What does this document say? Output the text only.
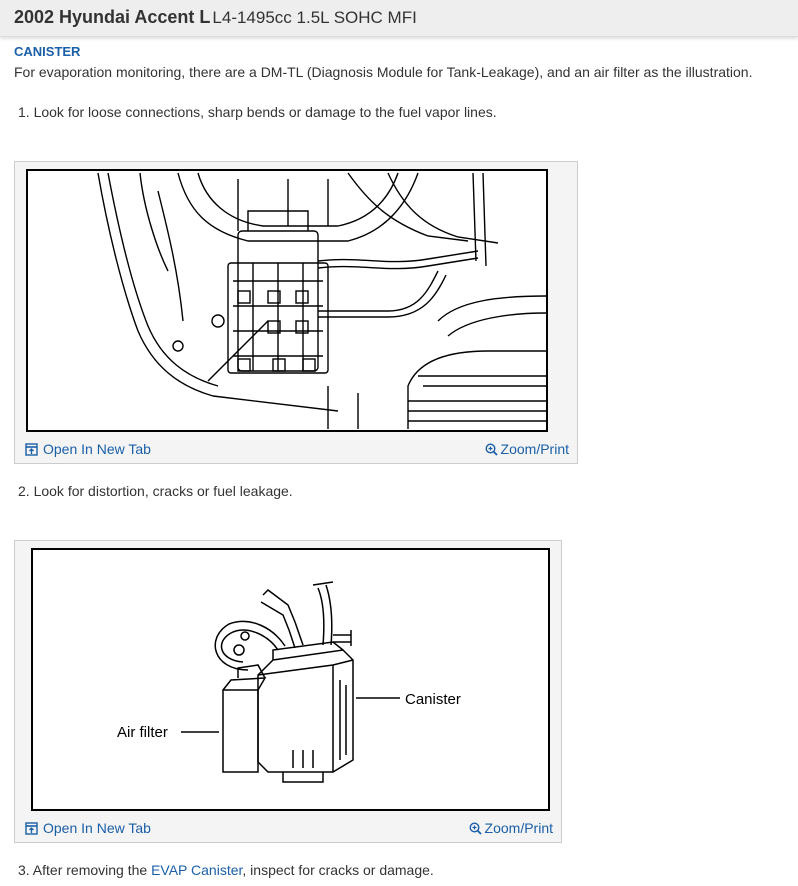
2002 Hyundai Accent L L4-1495cc 1.5L SOHC MFI
CANISTER
For evaporation monitoring, there are a DM-TL (Diagnosis Module for Tank-Leakage), and an air filter as the illustration.
1. Look for loose connections, sharp bends or damage to the fuel vapor lines.
Open In New Tab	Zoom/Print
2. Look for distortion, cracks or fuel leakage.
Canister
Air filter
Open In New Tab	Zoom/Print
3. After removing the EVAP Canister, inspect for cracks or damage.
